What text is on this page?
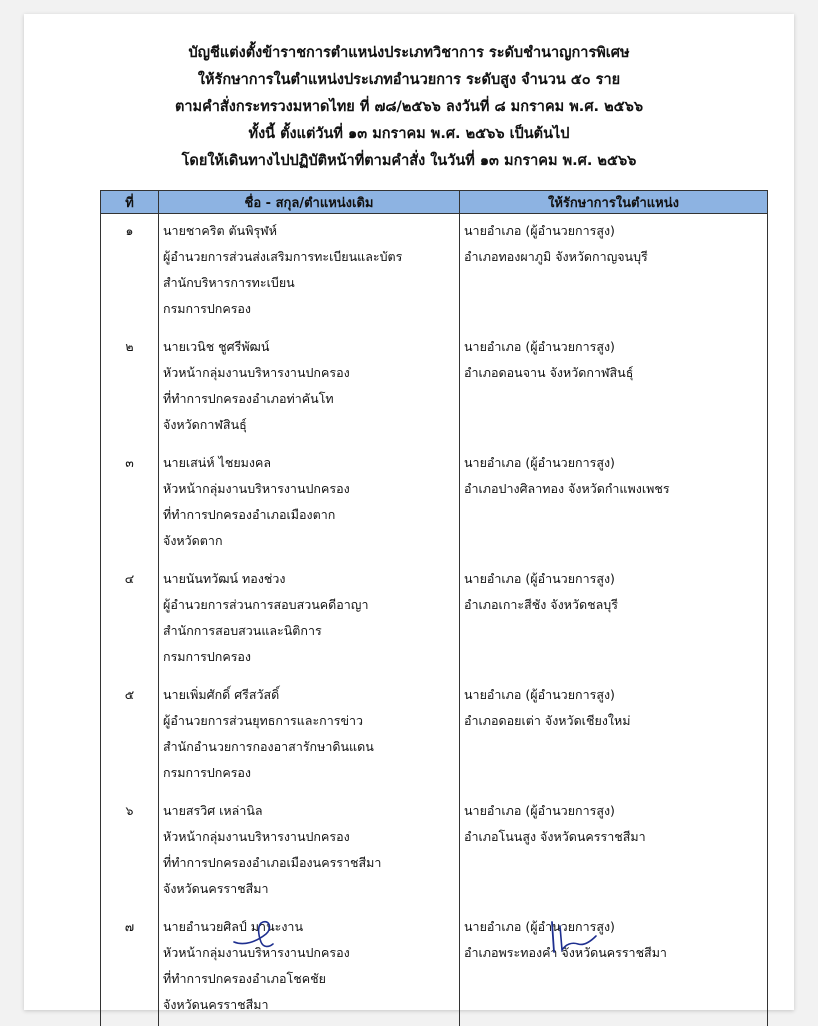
บัญชีแต่งตั้งข้าราชการตำแหน่งประเภทวิชาการ ระดับชำนาญการพิเศษ
ให้รักษาการในตำแหน่งประเภทอำนวยการ ระดับสูง จำนวน ๕๐ ราย
ตามคำสั่งกระทรวงมหาดไทย ที่ ๗๘/๒๕๖๖ ลงวันที่ ๘ มกราคม พ.ศ. ๒๕๖๖
ทั้งนี้ ตั้งแต่วันที่ ๑๓ มกราคม พ.ศ. ๒๕๖๖ เป็นต้นไป
โดยให้เดินทางไปปฏิบัติหน้าที่ตามคำสั่ง ในวันที่ ๑๓ มกราคม พ.ศ. ๒๕๖๖
ที่	ชื่อ - สกุล/ตำแหน่งเดิม	ให้รักษาการในตำแหน่ง
๑	นายชาคริต ตันพิรุฬห์
ผู้อำนวยการส่วนส่งเสริมการทะเบียนและบัตร
สำนักบริหารการทะเบียน
กรมการปกครอง	นายอำเภอ (ผู้อำนวยการสูง)
อำเภอทองผาภูมิ จังหวัดกาญจนบุรี

๒	นายเวนิช ชูศรีพัฒน์
หัวหน้ากลุ่มงานบริหารงานปกครอง
ที่ทำการปกครองอำเภอท่าคันโท
จังหวัดกาฬสินธุ์	นายอำเภอ (ผู้อำนวยการสูง)
อำเภอดอนจาน จังหวัดกาฬสินธุ์

๓	นายเสน่ห์ ไชยมงคล
หัวหน้ากลุ่มงานบริหารงานปกครอง
ที่ทำการปกครองอำเภอเมืองตาก
จังหวัดตาก	นายอำเภอ (ผู้อำนวยการสูง)
อำเภอปางศิลาทอง จังหวัดกำแพงเพชร

๔	นายนันทวัฒน์ ทองช่วง
ผู้อำนวยการส่วนการสอบสวนคดีอาญา
สำนักการสอบสวนและนิติการ
กรมการปกครอง	นายอำเภอ (ผู้อำนวยการสูง)
อำเภอเกาะสีชัง จังหวัดชลบุรี

๕	นายเพิ่มศักดิ์ ศรีสวัสดิ์
ผู้อำนวยการส่วนยุทธการและการข่าว
สำนักอำนวยการกองอาสารักษาดินแดน
กรมการปกครอง	นายอำเภอ (ผู้อำนวยการสูง)
อำเภอดอยเต่า จังหวัดเชียงใหม่

๖	นายสรวิศ เหล่านิล
หัวหน้ากลุ่มงานบริหารงานปกครอง
ที่ทำการปกครองอำเภอเมืองนครราชสีมา
จังหวัดนครราชสีมา	นายอำเภอ (ผู้อำนวยการสูง)
อำเภอโนนสูง จังหวัดนครราชสีมา

๗	นายอำนวยศิลป์ มานะงาน
หัวหน้ากลุ่มงานบริหารงานปกครอง
ที่ทำการปกครองอำเภอโชคชัย
จังหวัดนครราชสีมา	นายอำเภอ (ผู้อำนวยการสูง)
อำเภอพระทองคำ จังหวัดนครราชสีมา
